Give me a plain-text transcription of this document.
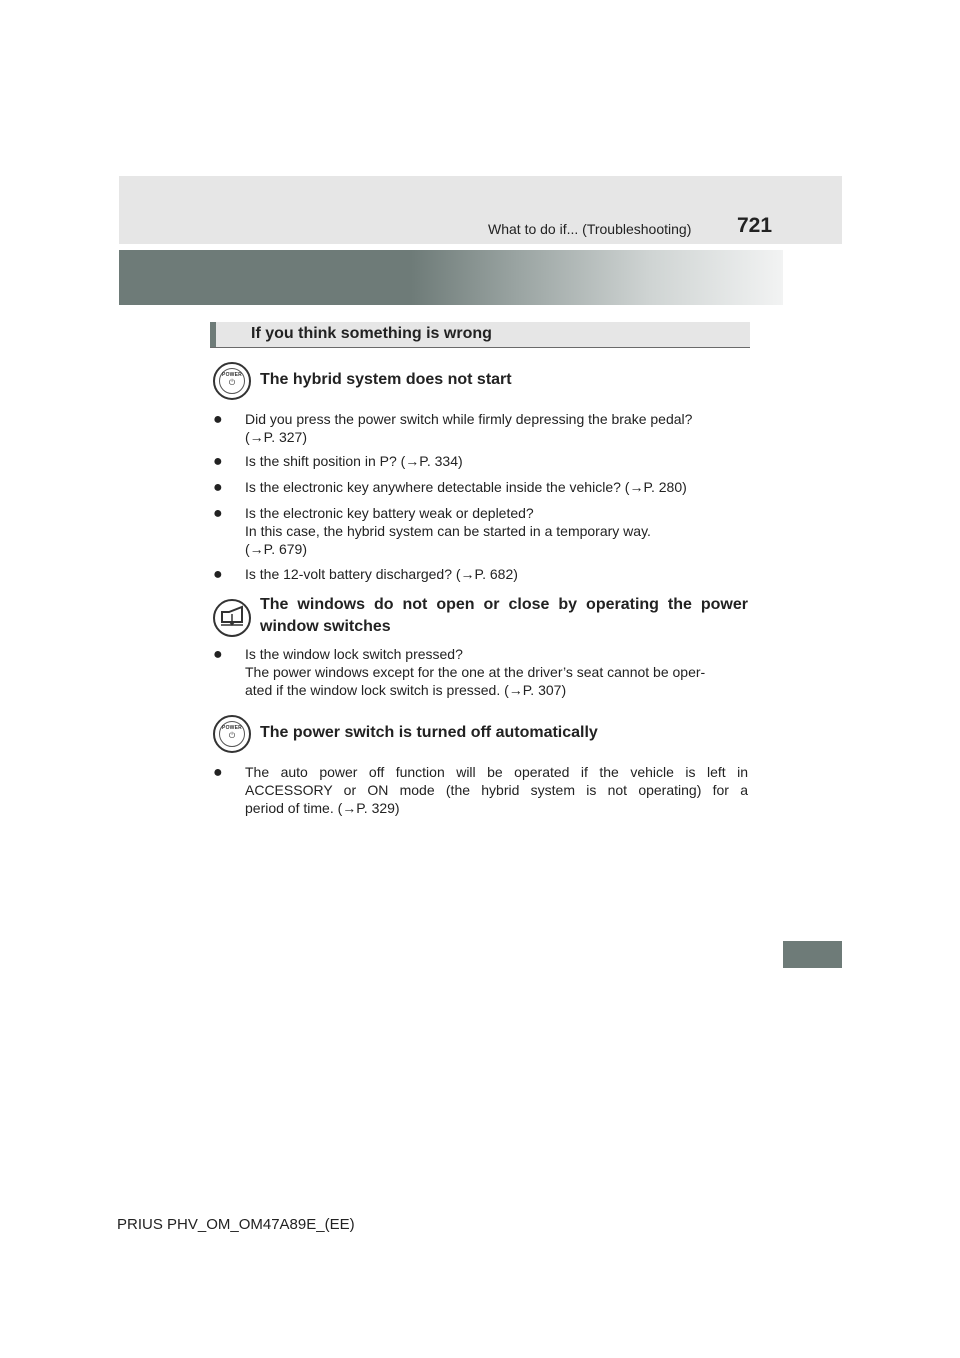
What to do if... (Troubleshooting) 721
If you think something is wrong
POWER
⏻	The hybrid system does not start
● Did you press the power switch while firmly depressing the brake pedal?
(→P. 327)
● Is the shift position in P? (→P. 334)
● Is the electronic key anywhere detectable inside the vehicle? (→P. 280)
● Is the electronic key battery weak or depleted?
In this case, the hybrid system can be started in a temporary way.
(→P. 679)
● Is the 12-volt battery discharged? (→P. 682)
The windows do not open or close by operating the power
window switches
● Is the window lock switch pressed?
The power windows except for the one at the driver’s seat cannot be oper-
ated if the window lock switch is pressed. (→P. 307)
POWER
⏻	The power switch is turned off automatically
● The auto power off function will be operated if the vehicle is left in
ACCESSORY or ON mode (the hybrid system is not operating) for a
period of time. (→P. 329)
PRIUS PHV_OM_OM47A89E_(EE)
